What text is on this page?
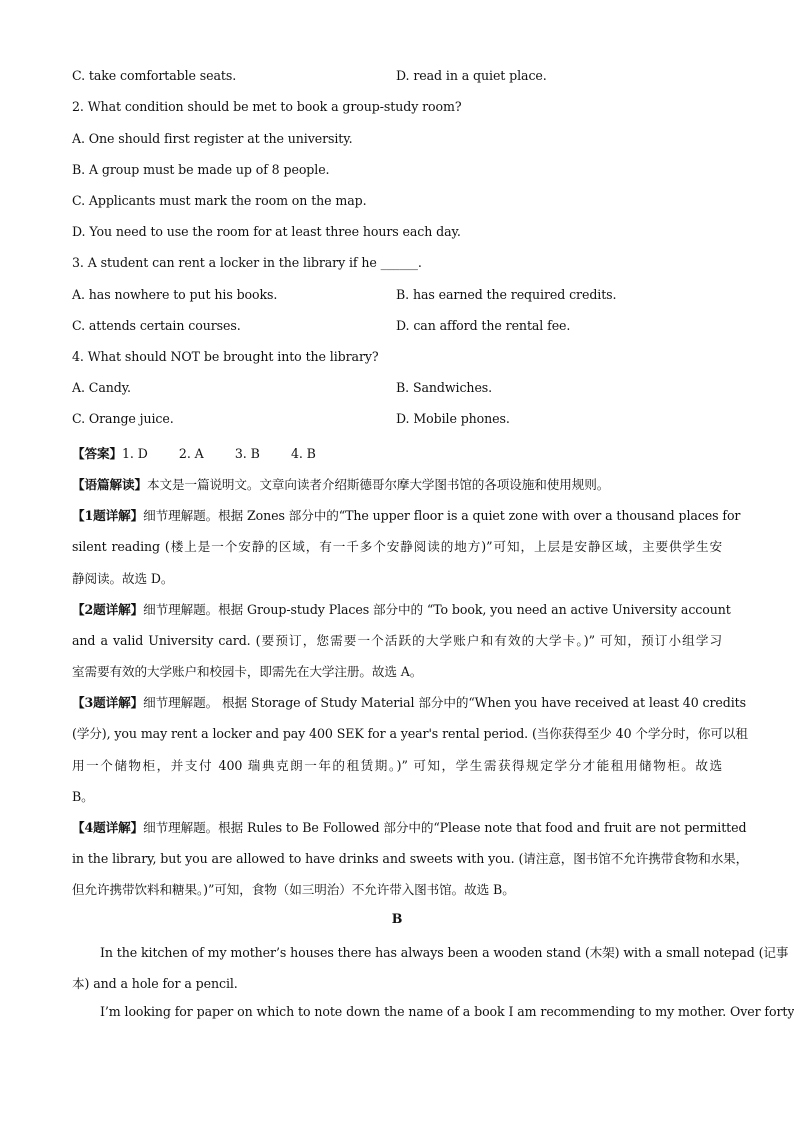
C. take comfortable seats.	D. read in a quiet place.
2. What condition should be met to book a group-study room?
A. One should first register at the university.
B. A group must be made up of 8 people.
C. Applicants must mark the room on the map.
D. You need to use the room for at least three hours each day.
3. A student can rent a locker in the library if he ______.
A. has nowhere to put his books.	B. has earned the required credits.
C. attends certain courses.	D. can afford the rental fee.
4. What should NOT be brought into the library?
A. Candy.	B. Sandwiches.
C. Orange juice.	D. Mobile phones.
【答案】1. D        2. A        3. B        4. B
【语篇解读】本文是一篇说明文。文章向读者介绍斯德哥尔摩大学图书馆的各项设施和使用规则。
【1题详解】细节理解题。根据 Zones 部分中的“The upper floor is a quiet zone with over a thousand places for
silent reading (楼上是一个安静的区域，有一千多个安静阅读的地方)”可知，上层是安静区域，主要供学生安
静阅读。故选 D。
【2题详解】细节理解题。根据 Group-study Places 部分中的 “To book, you need an active University account
and a valid University card. (要预订，您需要一个活跃的大学账户和有效的大学卡。)” 可知，预订小组学习
室需要有效的大学账户和校园卡，即需先在大学注册。故选 A。
【3题详解】细节理解题。 根据 Storage of Study Material 部分中的“When you have received at least 40 credits
(学分), you may rent a locker and pay 400 SEK for a year's rental period. (当你获得至少 40 个学分时，你可以租
用一个储物柜，并支付 400 瑞典克朗一年的租赁期。)” 可知，学生需获得规定学分才能租用储物柜。故选
B。
【4题详解】细节理解题。根据 Rules to Be Followed 部分中的“Please note that food and fruit are not permitted
in the library, but you are allowed to have drinks and sweets with you. (请注意，图书馆不允许携带食物和水果，
但允许携带饮料和糖果。)”可知，食物（如三明治）不允许带入图书馆。故选 B。
B
In the kitchen of my mother’s houses there has always been a wooden stand (木架) with a small notepad (记事
本) and a hole for a pencil.
I’m looking for paper on which to note down the name of a book I am recommending to my mother. Over forty
